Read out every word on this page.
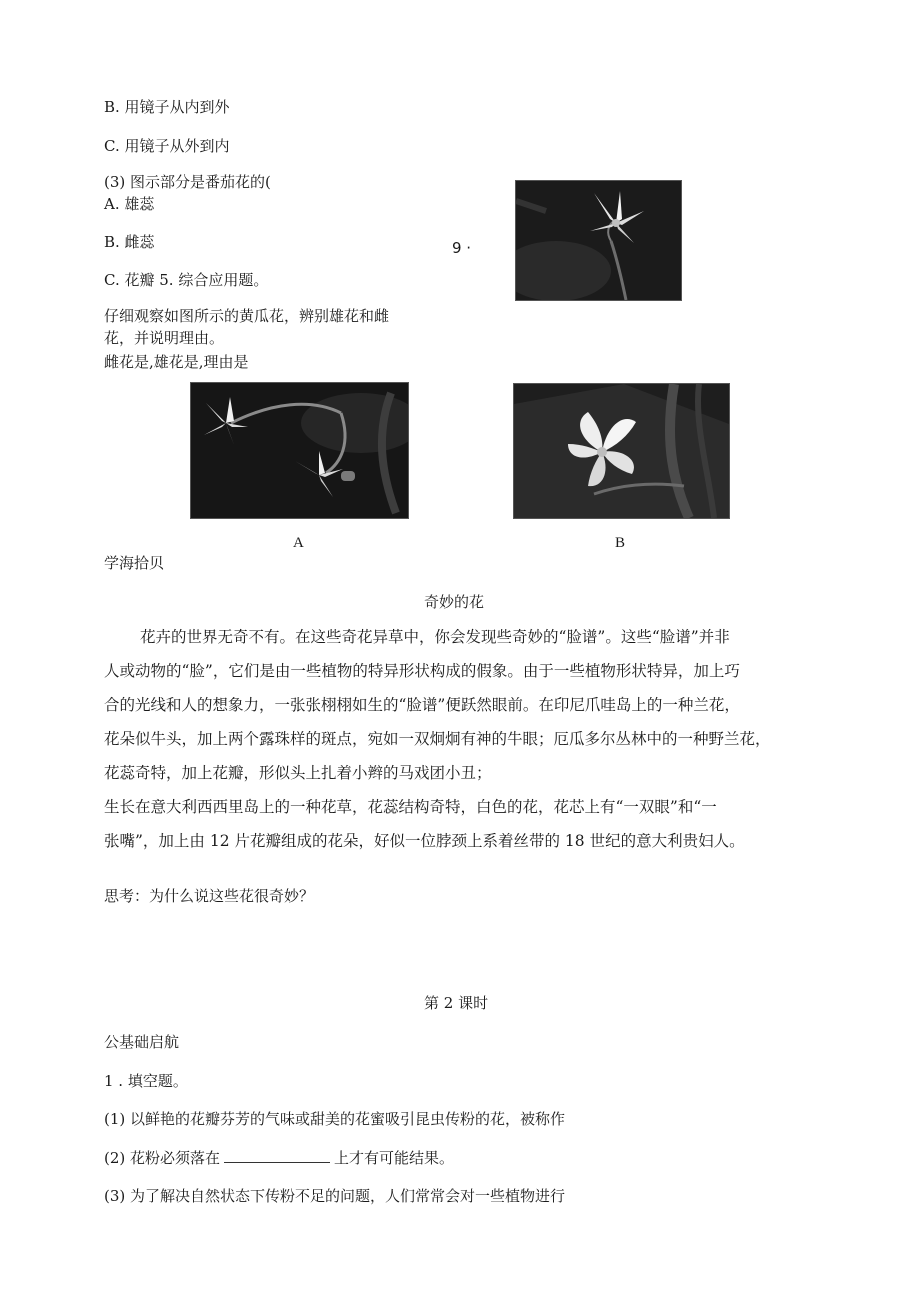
B. 用镜子从内到外

C. 用镜子从外到内

(3) 图示部分是番茄花的(

A. 雄蕊

B. 雌蕊

C. 花瓣 5. 综合应用题。

9 ·

仔细观察如图所示的黄瓜花，辨别雄花和雌

花，并说明理由。

雌花是,雄花是,理由是

A	B

学海拾贝

奇妙的花

花卉的世界无奇不有。在这些奇花异草中，你会发现些奇妙的“脸谱”。这些“脸谱”并非
人或动物的“脸”，它们是由一些植物的特异形状构成的假象。由于一些植物形状特异，加上巧
合的光线和人的想象力，一张张栩栩如生的“脸谱”便跃然眼前。在印尼爪哇岛上的一种兰花，
花朵似牛头，加上两个露珠样的斑点，宛如一双炯炯有神的牛眼；厄瓜多尔丛林中的一种野兰花，
花蕊奇特，加上花瓣，形似头上扎着小辫的马戏团小丑；
生长在意大利西西里岛上的一种花草，花蕊结构奇特，白色的花，花芯上有“一双眼”和“一
张嘴”，加上由 12 片花瓣组成的花朵，好似一位脖颈上系着丝带的 18 世纪的意大利贵妇人。

思考：为什么说这些花很奇妙？

第 2 课时

公基础启航

1 . 填空题。

(1) 以鲜艳的花瓣芬芳的气味或甜美的花蜜吸引昆虫传粉的花，被称作

(2) 花粉必须落在	上才有可能结果。

(3) 为了解决自然状态下传粉不足的问题，人们常常会对一些植物进行
